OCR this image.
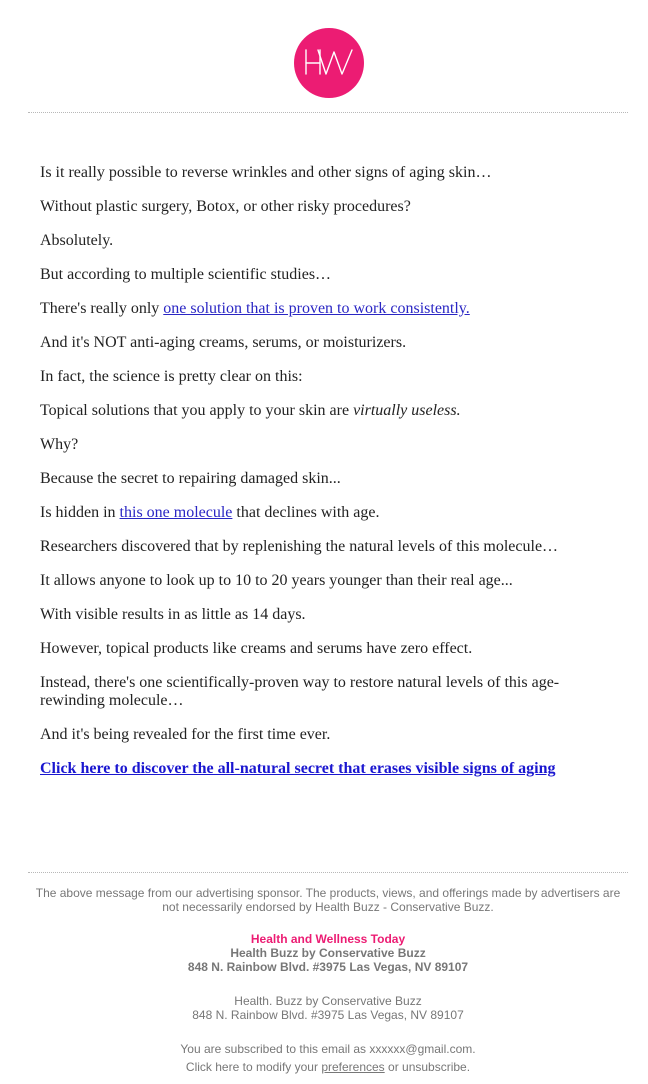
Is it really possible to reverse wrinkles and other signs of aging skin…

Without plastic surgery, Botox, or other risky procedures?

Absolutely.

But according to multiple scientific studies…

There's really only one solution that is proven to work consistently.

And it's NOT anti-aging creams, serums, or moisturizers.

In fact, the science is pretty clear on this:

Topical solutions that you apply to your skin are virtually useless.

Why?

Because the secret to repairing damaged skin...

Is hidden in this one molecule that declines with age.

Researchers discovered that by replenishing the natural levels of this molecule…

It allows anyone to look up to 10 to 20 years younger than their real age...

With visible results in as little as 14 days.

However, topical products like creams and serums have zero effect.

Instead, there's one scientifically-proven way to restore natural levels of this age-rewinding molecule…

And it's being revealed for the first time ever.

Click here to discover the all-natural secret that erases visible signs of aging

The above message from our advertising sponsor. The products, views, and offerings made by advertisers are not necessarily endorsed by Health Buzz - Conservative Buzz.

Health and Wellness Today

Health Buzz by Conservative Buzz

848 N. Rainbow Blvd. #3975 Las Vegas, NV 89107

Health. Buzz by Conservative Buzz

848 N. Rainbow Blvd. #3975 Las Vegas, NV 89107

You are subscribed to this email as xxxxxx@gmail.com.

Click here to modify your preferences or unsubscribe.
